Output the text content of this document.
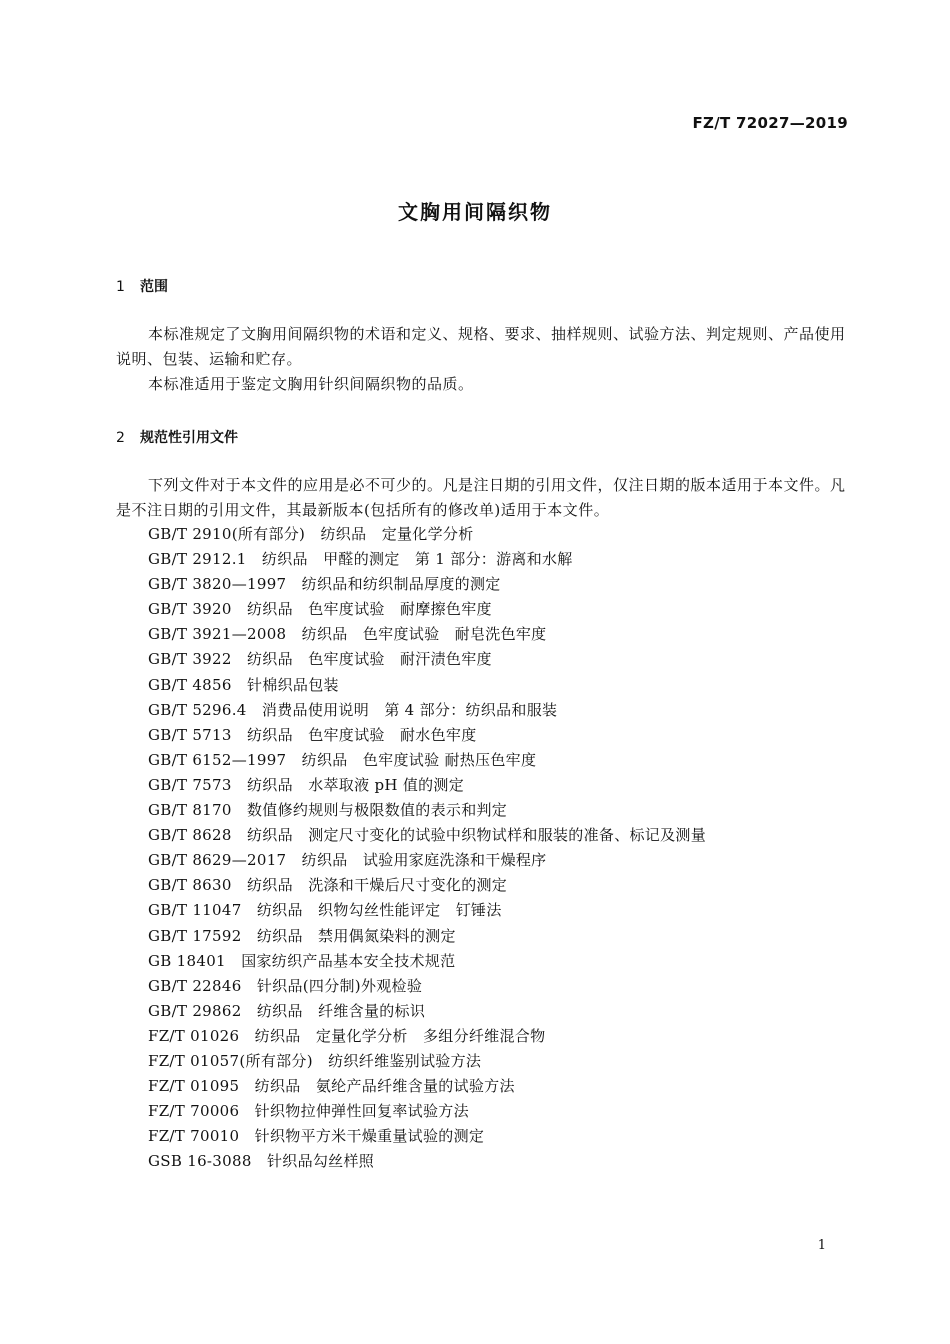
FZ/T 72027—2019
文胸用间隔织物
1 范围
本标准规定了文胸用间隔织物的术语和定义、规格、要求、抽样规则、试验方法、判定规则、产品使用说明、包装、运输和贮存。
本标准适用于鉴定文胸用针织间隔织物的品质。
2 规范性引用文件
下列文件对于本文件的应用是必不可少的。凡是注日期的引用文件，仅注日期的版本适用于本文件。凡是不注日期的引用文件，其最新版本(包括所有的修改单)适用于本文件。
GB/T 2910(所有部分)　纺织品　定量化学分析
GB/T 2912.1　纺织品　甲醛的测定　第 1 部分：游离和水解
GB/T 3820—1997　纺织品和纺织制品厚度的测定
GB/T 3920　纺织品　色牢度试验　耐摩擦色牢度
GB/T 3921—2008　纺织品　色牢度试验　耐皂洗色牢度
GB/T 3922　纺织品　色牢度试验　耐汗渍色牢度
GB/T 4856　针棉织品包装
GB/T 5296.4　消费品使用说明　第 4 部分：纺织品和服装
GB/T 5713　纺织品　色牢度试验　耐水色牢度
GB/T 6152—1997　纺织品　色牢度试验 耐热压色牢度
GB/T 7573　纺织品　水萃取液 pH 值的测定
GB/T 8170　数值修约规则与极限数值的表示和判定
GB/T 8628　纺织品　测定尺寸变化的试验中织物试样和服装的准备、标记及测量
GB/T 8629—2017　纺织品　试验用家庭洗涤和干燥程序
GB/T 8630　纺织品　洗涤和干燥后尺寸变化的测定
GB/T 11047　纺织品　织物勾丝性能评定　钉锤法
GB/T 17592　纺织品　禁用偶氮染料的测定
GB 18401　国家纺织产品基本安全技术规范
GB/T 22846　针织品(四分制)外观检验
GB/T 29862　纺织品　纤维含量的标识
FZ/T 01026　纺织品　定量化学分析　多组分纤维混合物
FZ/T 01057(所有部分)　纺织纤维鉴别试验方法
FZ/T 01095　纺织品　氨纶产品纤维含量的试验方法
FZ/T 70006　针织物拉伸弹性回复率试验方法
FZ/T 70010　针织物平方米干燥重量试验的测定
GSB 16-3088　针织品勾丝样照
1
